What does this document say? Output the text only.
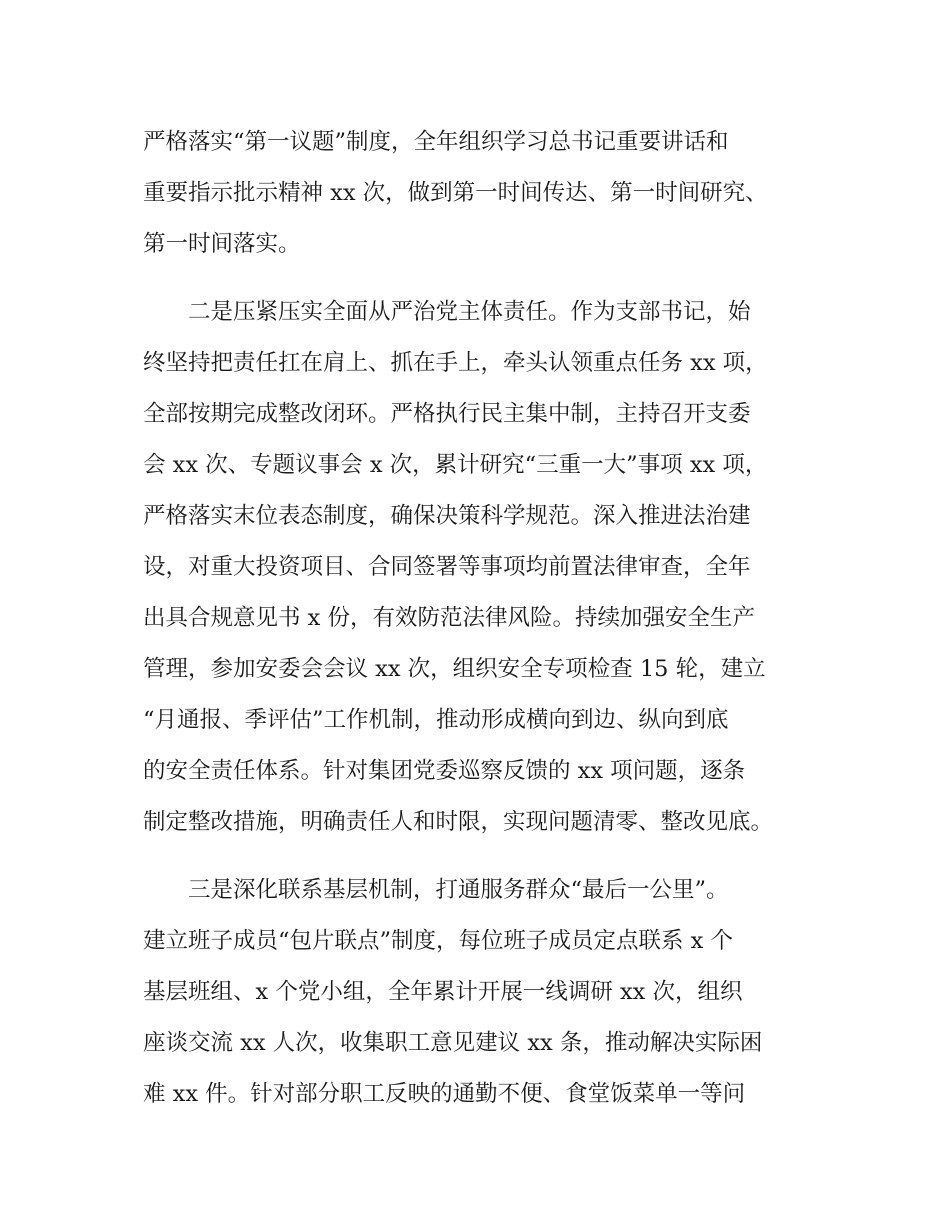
严格落实“第一议题”制度，全年组织学习总书记重要讲话和

重要指示批示精神 xx 次，做到第一时间传达、第一时间研究、

第一时间落实。

二是压紧压实全面从严治党主体责任。作为支部书记，始

终坚持把责任扛在肩上、抓在手上，牵头认领重点任务 xx 项，

全部按期完成整改闭环。严格执行民主集中制，主持召开支委

会 xx 次、专题议事会 x 次，累计研究“三重一大”事项 xx 项，

严格落实末位表态制度，确保决策科学规范。深入推进法治建

设，对重大投资项目、合同签署等事项均前置法律审查，全年

出具合规意见书 x 份，有效防范法律风险。持续加强安全生产

管理，参加安委会会议 xx 次，组织安全专项检查 15 轮，建立

“月通报、季评估”工作机制，推动形成横向到边、纵向到底

的安全责任体系。针对集团党委巡察反馈的 xx 项问题，逐条

制定整改措施，明确责任人和时限，实现问题清零、整改见底。

三是深化联系基层机制，打通服务群众“最后一公里”。

建立班子成员“包片联点”制度，每位班子成员定点联系 x 个

基层班组、x 个党小组，全年累计开展一线调研 xx 次，组织

座谈交流 xx 人次，收集职工意见建议 xx 条，推动解决实际困

难 xx 件。针对部分职工反映的通勤不便、食堂饭菜单一等问
